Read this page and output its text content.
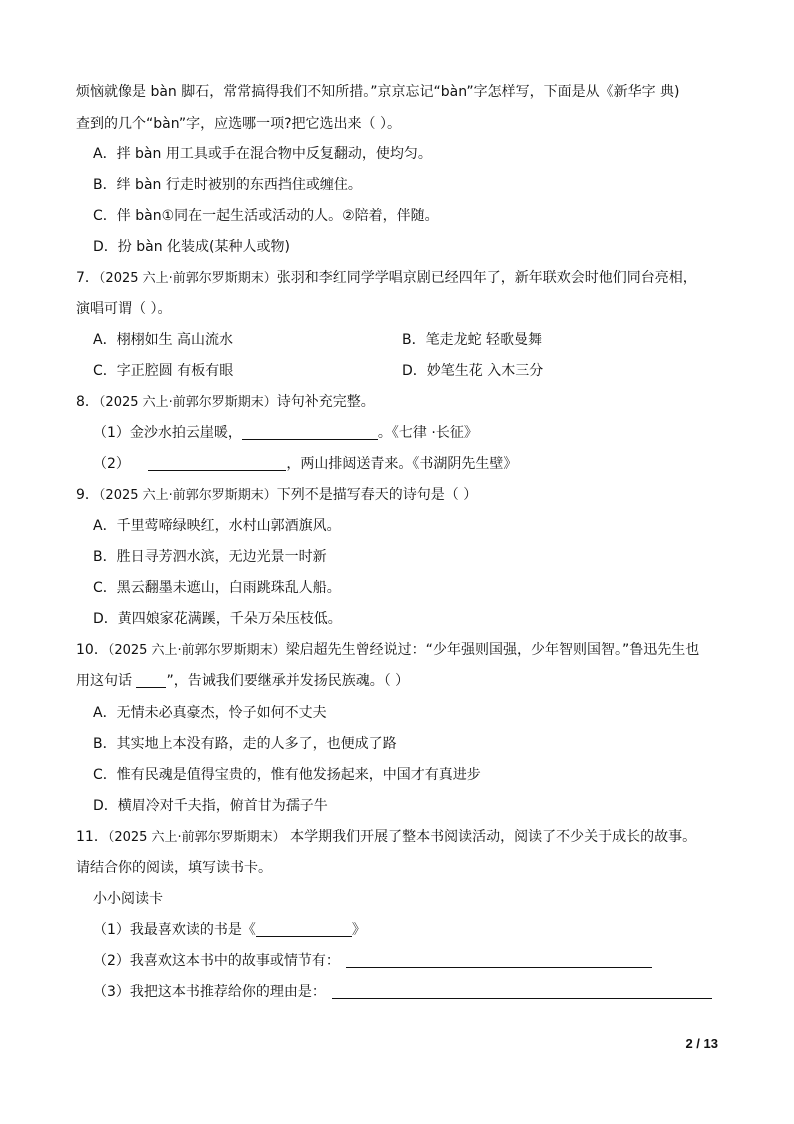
烦恼就像是 bàn 脚石，常常搞得我们不知所措。”京京忘记“bàn”字怎样写，下面是从《新华字 典)
查到的几个“bàn”字，应选哪一项?把它选出来（ ）。
A．拌 bàn 用工具或手在混合物中反复翻动，使均匀。
B．绊 bàn 行走时被别的东西挡住或缠住。
C．伴 bàn①同在一起生活或活动的人。②陪着，伴随。
D．扮 bàn 化装成(某种人或物)
7．（2025 六上·前郭尔罗斯期末）张羽和李红同学学唱京剧已经四年了，新年联欢会时他们同台亮相，
演唱可谓（ ）。
A．栩栩如生 高山流水	B．笔走龙蛇 轻歌曼舞
C．字正腔圆 有板有眼	D．妙笔生花 入木三分
8．（2025 六上·前郭尔罗斯期末）诗句补充完整。
（1）金沙水拍云崖暖，	。《七律 ·长征》
（2）	，两山排闼送青来。《书湖阴先生壁》
9．（2025 六上·前郭尔罗斯期末）下列不是描写春天的诗句是（ ）
A．千里莺啼绿映红，水村山郭酒旗风。
B．胜日寻芳泗水滨，无边光景一时新
C．黑云翻墨未遮山，白雨跳珠乱人船。
D．黄四娘家花满蹊，千朵万朵压枝低。
10．（2025 六上·前郭尔罗斯期末）梁启超先生曾经说过：“少年强则国强，少年智则国智。”鲁迅先生也
用这句话 ”，告诫我们要继承并发扬民族魂。（ ）
A．无情未必真豪杰，怜子如何不丈夫
B．其实地上本没有路，走的人多了，也便成了路
C．惟有民魂是值得宝贵的，惟有他发扬起来，中国才有真进步
D．横眉冷对千夫指，俯首甘为孺子牛
11．（2025 六上·前郭尔罗斯期末） 本学期我们开展了整本书阅读活动，阅读了不少关于成长的故事。
请结合你的阅读，填写读书卡。
小小阅读卡
（1）我最喜欢读的书是《	》
（2）我喜欢这本书中的故事或情节有：
（3）我把这本书推荐给你的理由是：
2 / 13
